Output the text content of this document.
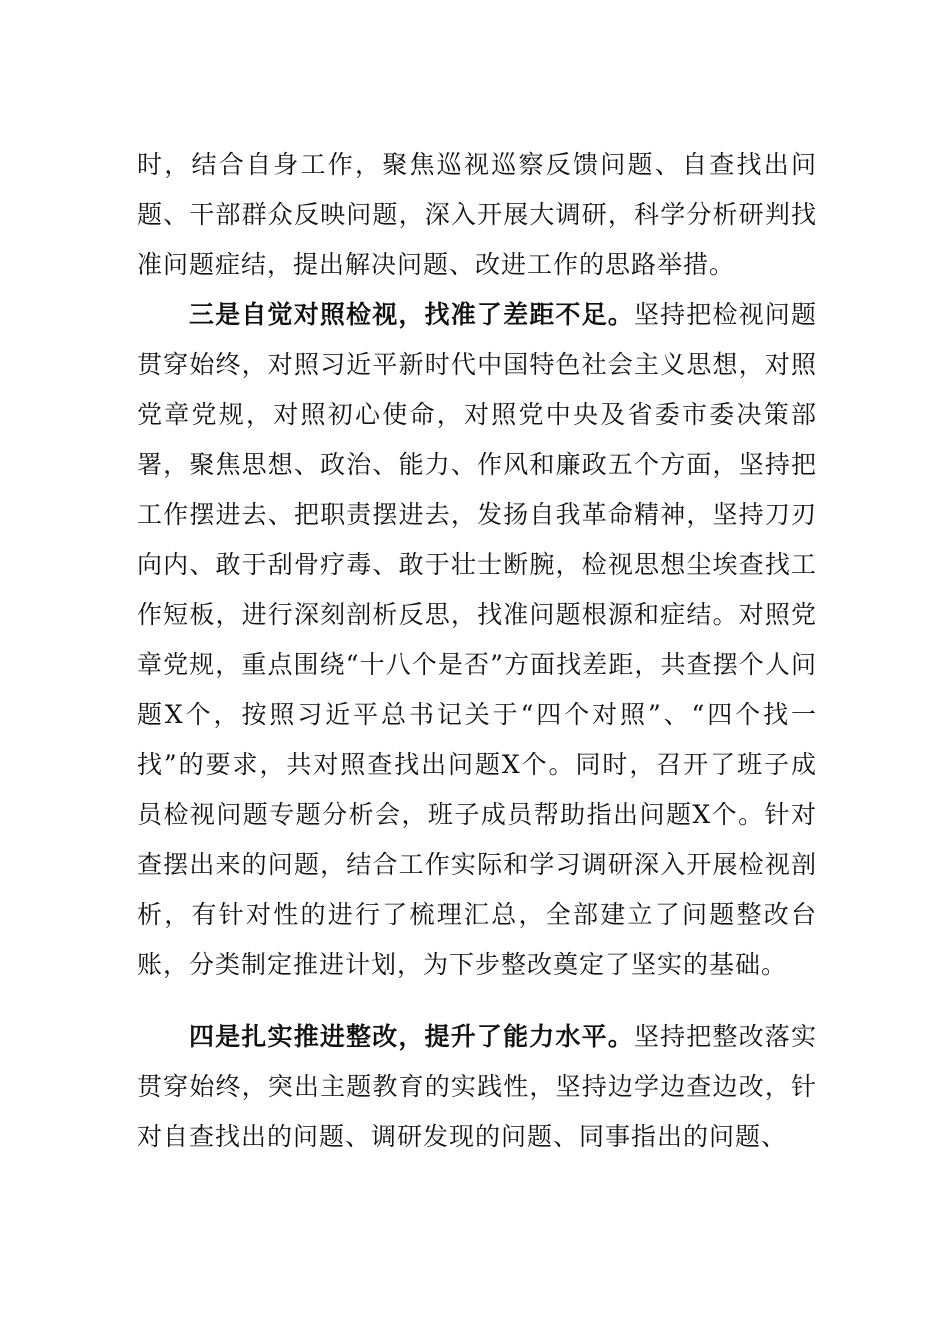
时，结合自身工作，聚焦巡视巡察反馈问题、自查找出问题、干部群众反映问题，深入开展大调研，科学分析研判找准问题症结，提出解决问题、改进工作的思路举措。

三是自觉对照检视，找准了差距不足。坚持把检视问题贯穿始终，对照习近平新时代中国特色社会主义思想，对照党章党规，对照初心使命，对照党中央及省委市委决策部署，聚焦思想、政治、能力、作风和廉政五个方面，坚持把工作摆进去、把职责摆进去，发扬自我革命精神，坚持刀刃向内、敢于刮骨疗毒、敢于壮士断腕，检视思想尘埃查找工作短板，进行深刻剖析反思，找准问题根源和症结。对照党章党规，重点围绕“十八个是否”方面找差距，共查摆个人问题X个，按照习近平总书记关于“四个对照”、“四个找一找”的要求，共对照查找出问题X个。同时，召开了班子成员检视问题专题分析会，班子成员帮助指出问题X个。针对查摆出来的问题，结合工作实际和学习调研深入开展检视剖析，有针对性的进行了梳理汇总，全部建立了问题整改台账，分类制定推进计划，为下步整改奠定了坚实的基础。

四是扎实推进整改，提升了能力水平。坚持把整改落实贯穿始终，突出主题教育的实践性，坚持边学边查边改，针对自查找出的问题、调研发现的问题、同事指出的问题、
